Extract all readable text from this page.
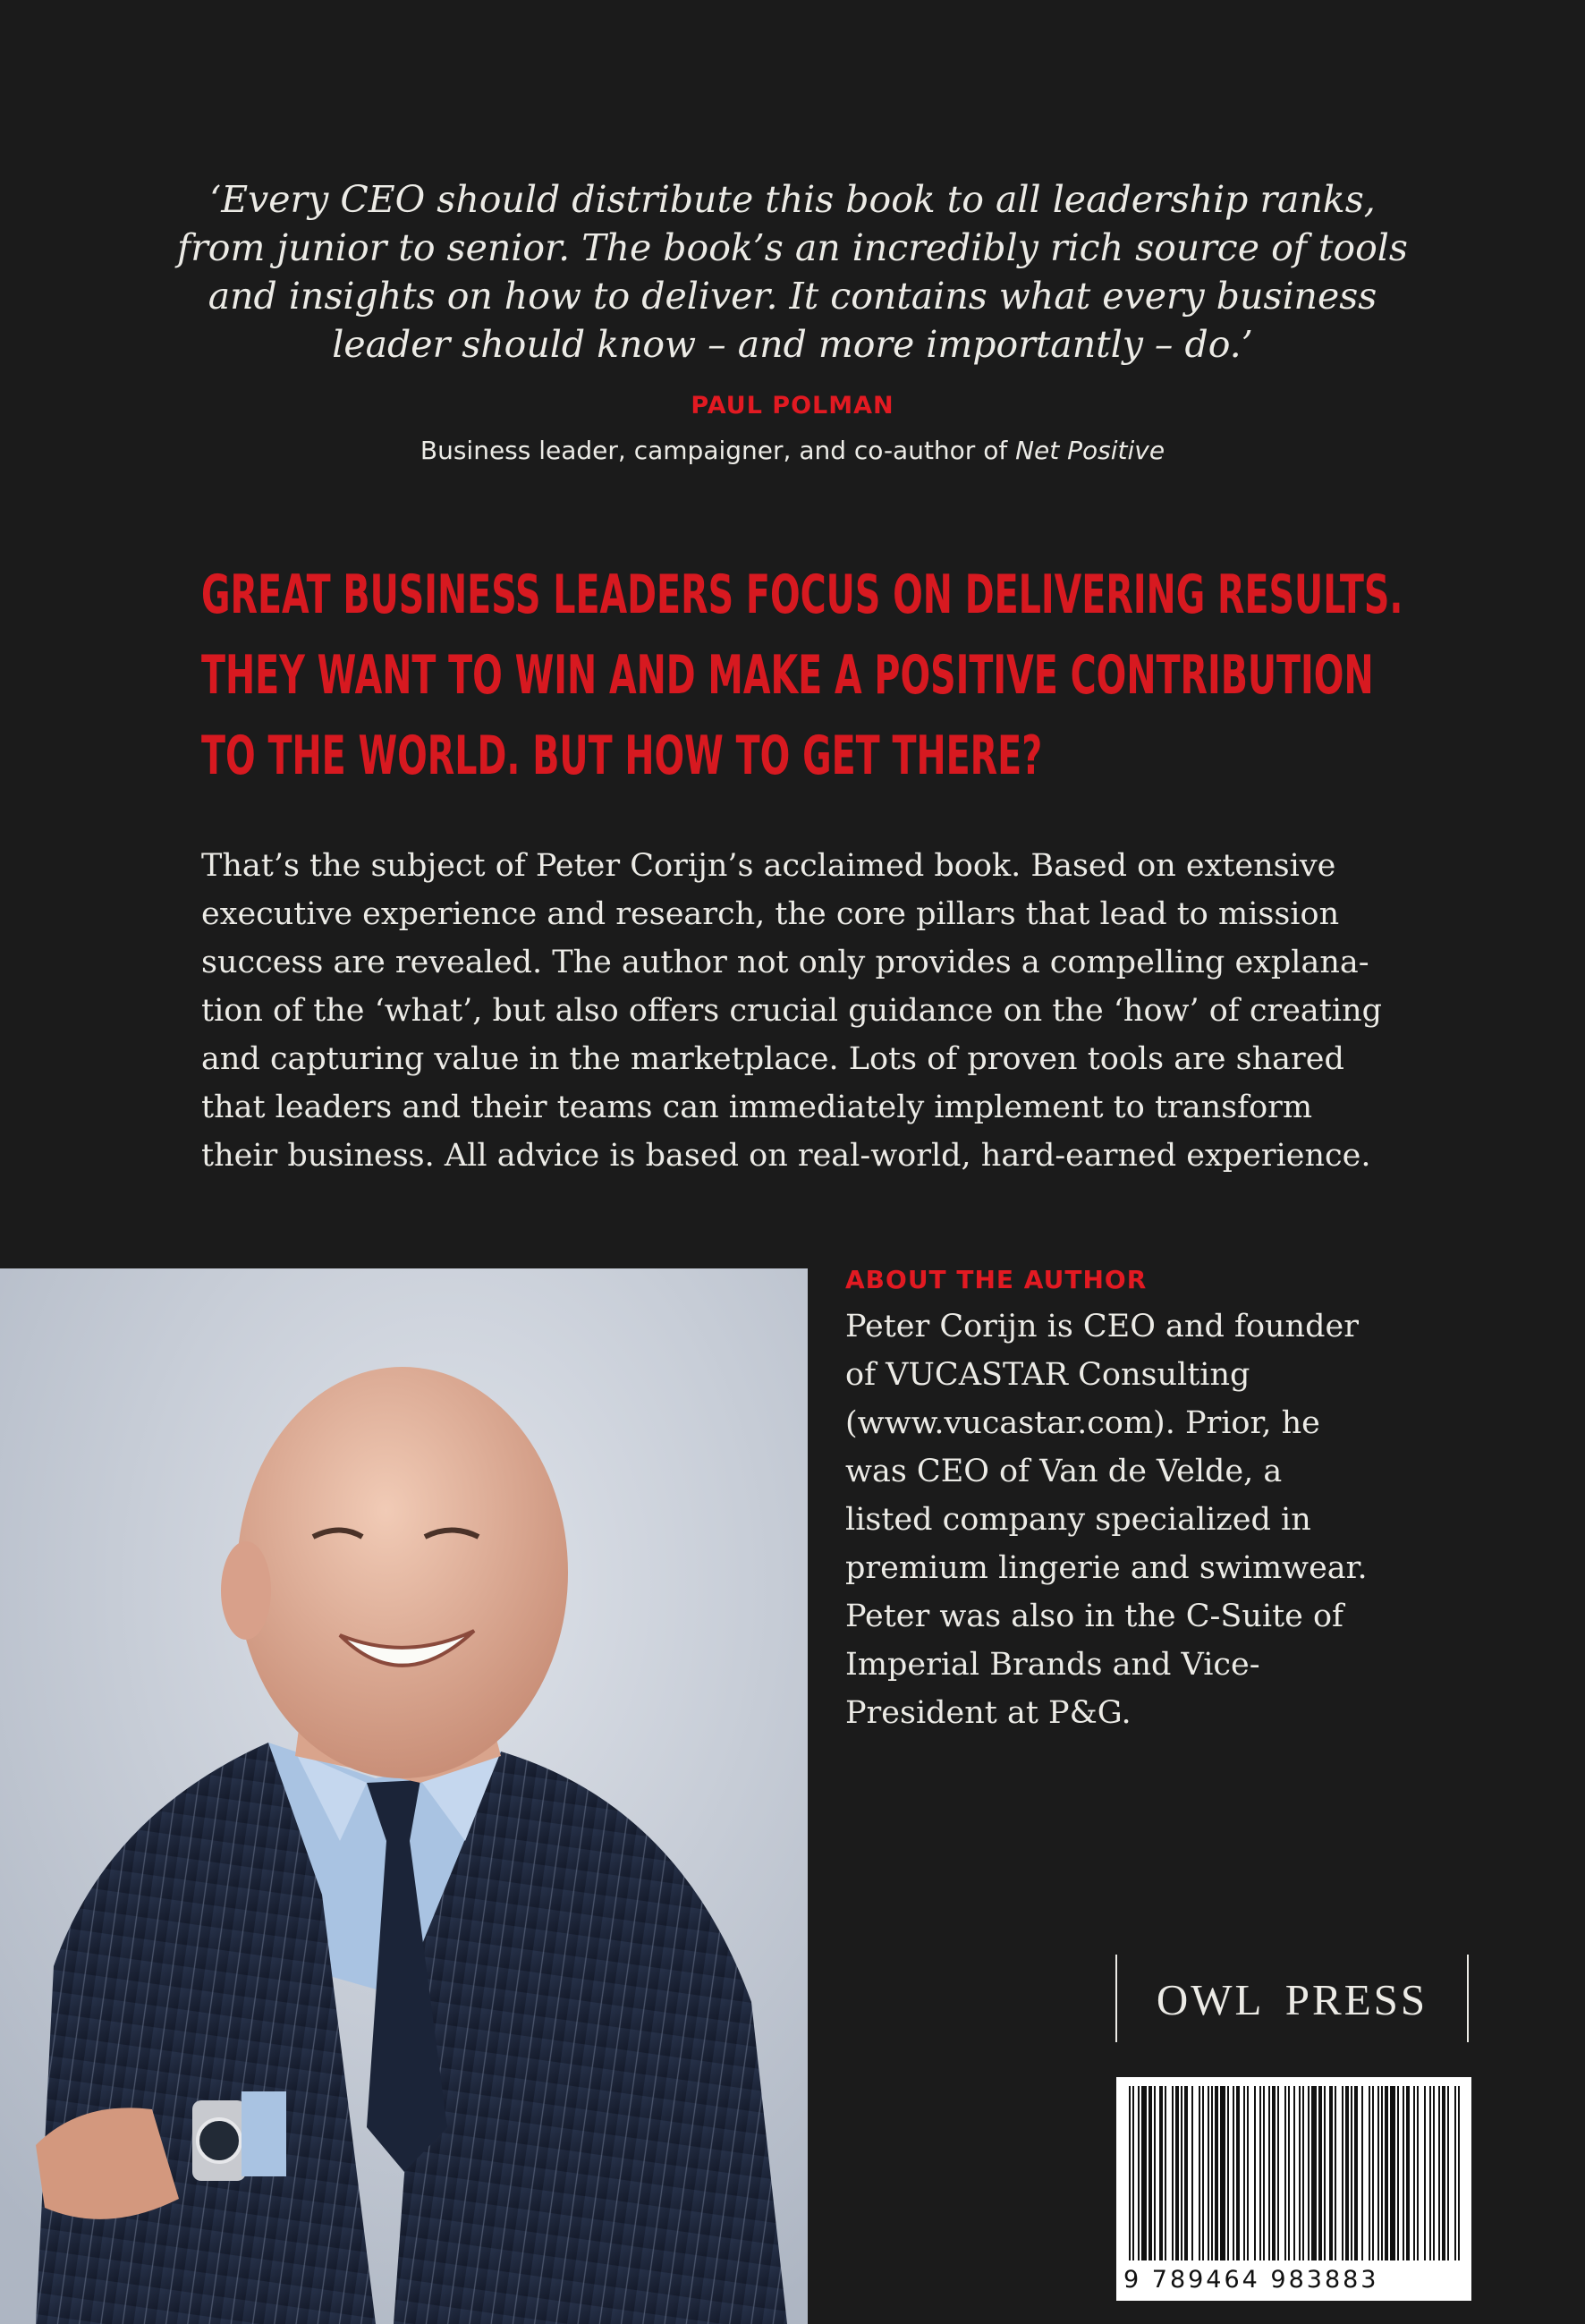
‘Every CEO should distribute this book to all leadership ranks,
from junior to senior. The book’s an incredibly rich source of tools
and insights on how to deliver. It contains what every business
leader should know – and more importantly – do.’
PAUL POLMAN
Business leader, campaigner, and co-author of Net Positive
GREAT BUSINESS LEADERS FOCUS ON DELIVERING RESULTS.
THEY WANT TO WIN AND MAKE A POSITIVE CONTRIBUTION
TO THE WORLD. BUT HOW TO GET THERE?
That’s the subject of Peter Corijn’s acclaimed book. Based on extensive
executive experience and research, the core pillars that lead to mission
success are revealed. The author not only provides a compelling explana-
tion of the ‘what’, but also offers crucial guidance on the ‘how’ of creating
and capturing value in the marketplace. Lots of proven tools are shared
that leaders and their teams can immediately implement to transform
their business. All advice is based on real-world, hard-earned experience.
ABOUT THE AUTHOR
Peter Corijn is CEO and founder
of VUCASTAR Consulting
(www.vucastar.com). Prior, he
was CEO of Van de Velde, a
listed company specialized in
premium lingerie and swimwear.
Peter was also in the C-Suite of
Imperial Brands and Vice-
President at P&G.
OWL PRESS
9 789464 983883
